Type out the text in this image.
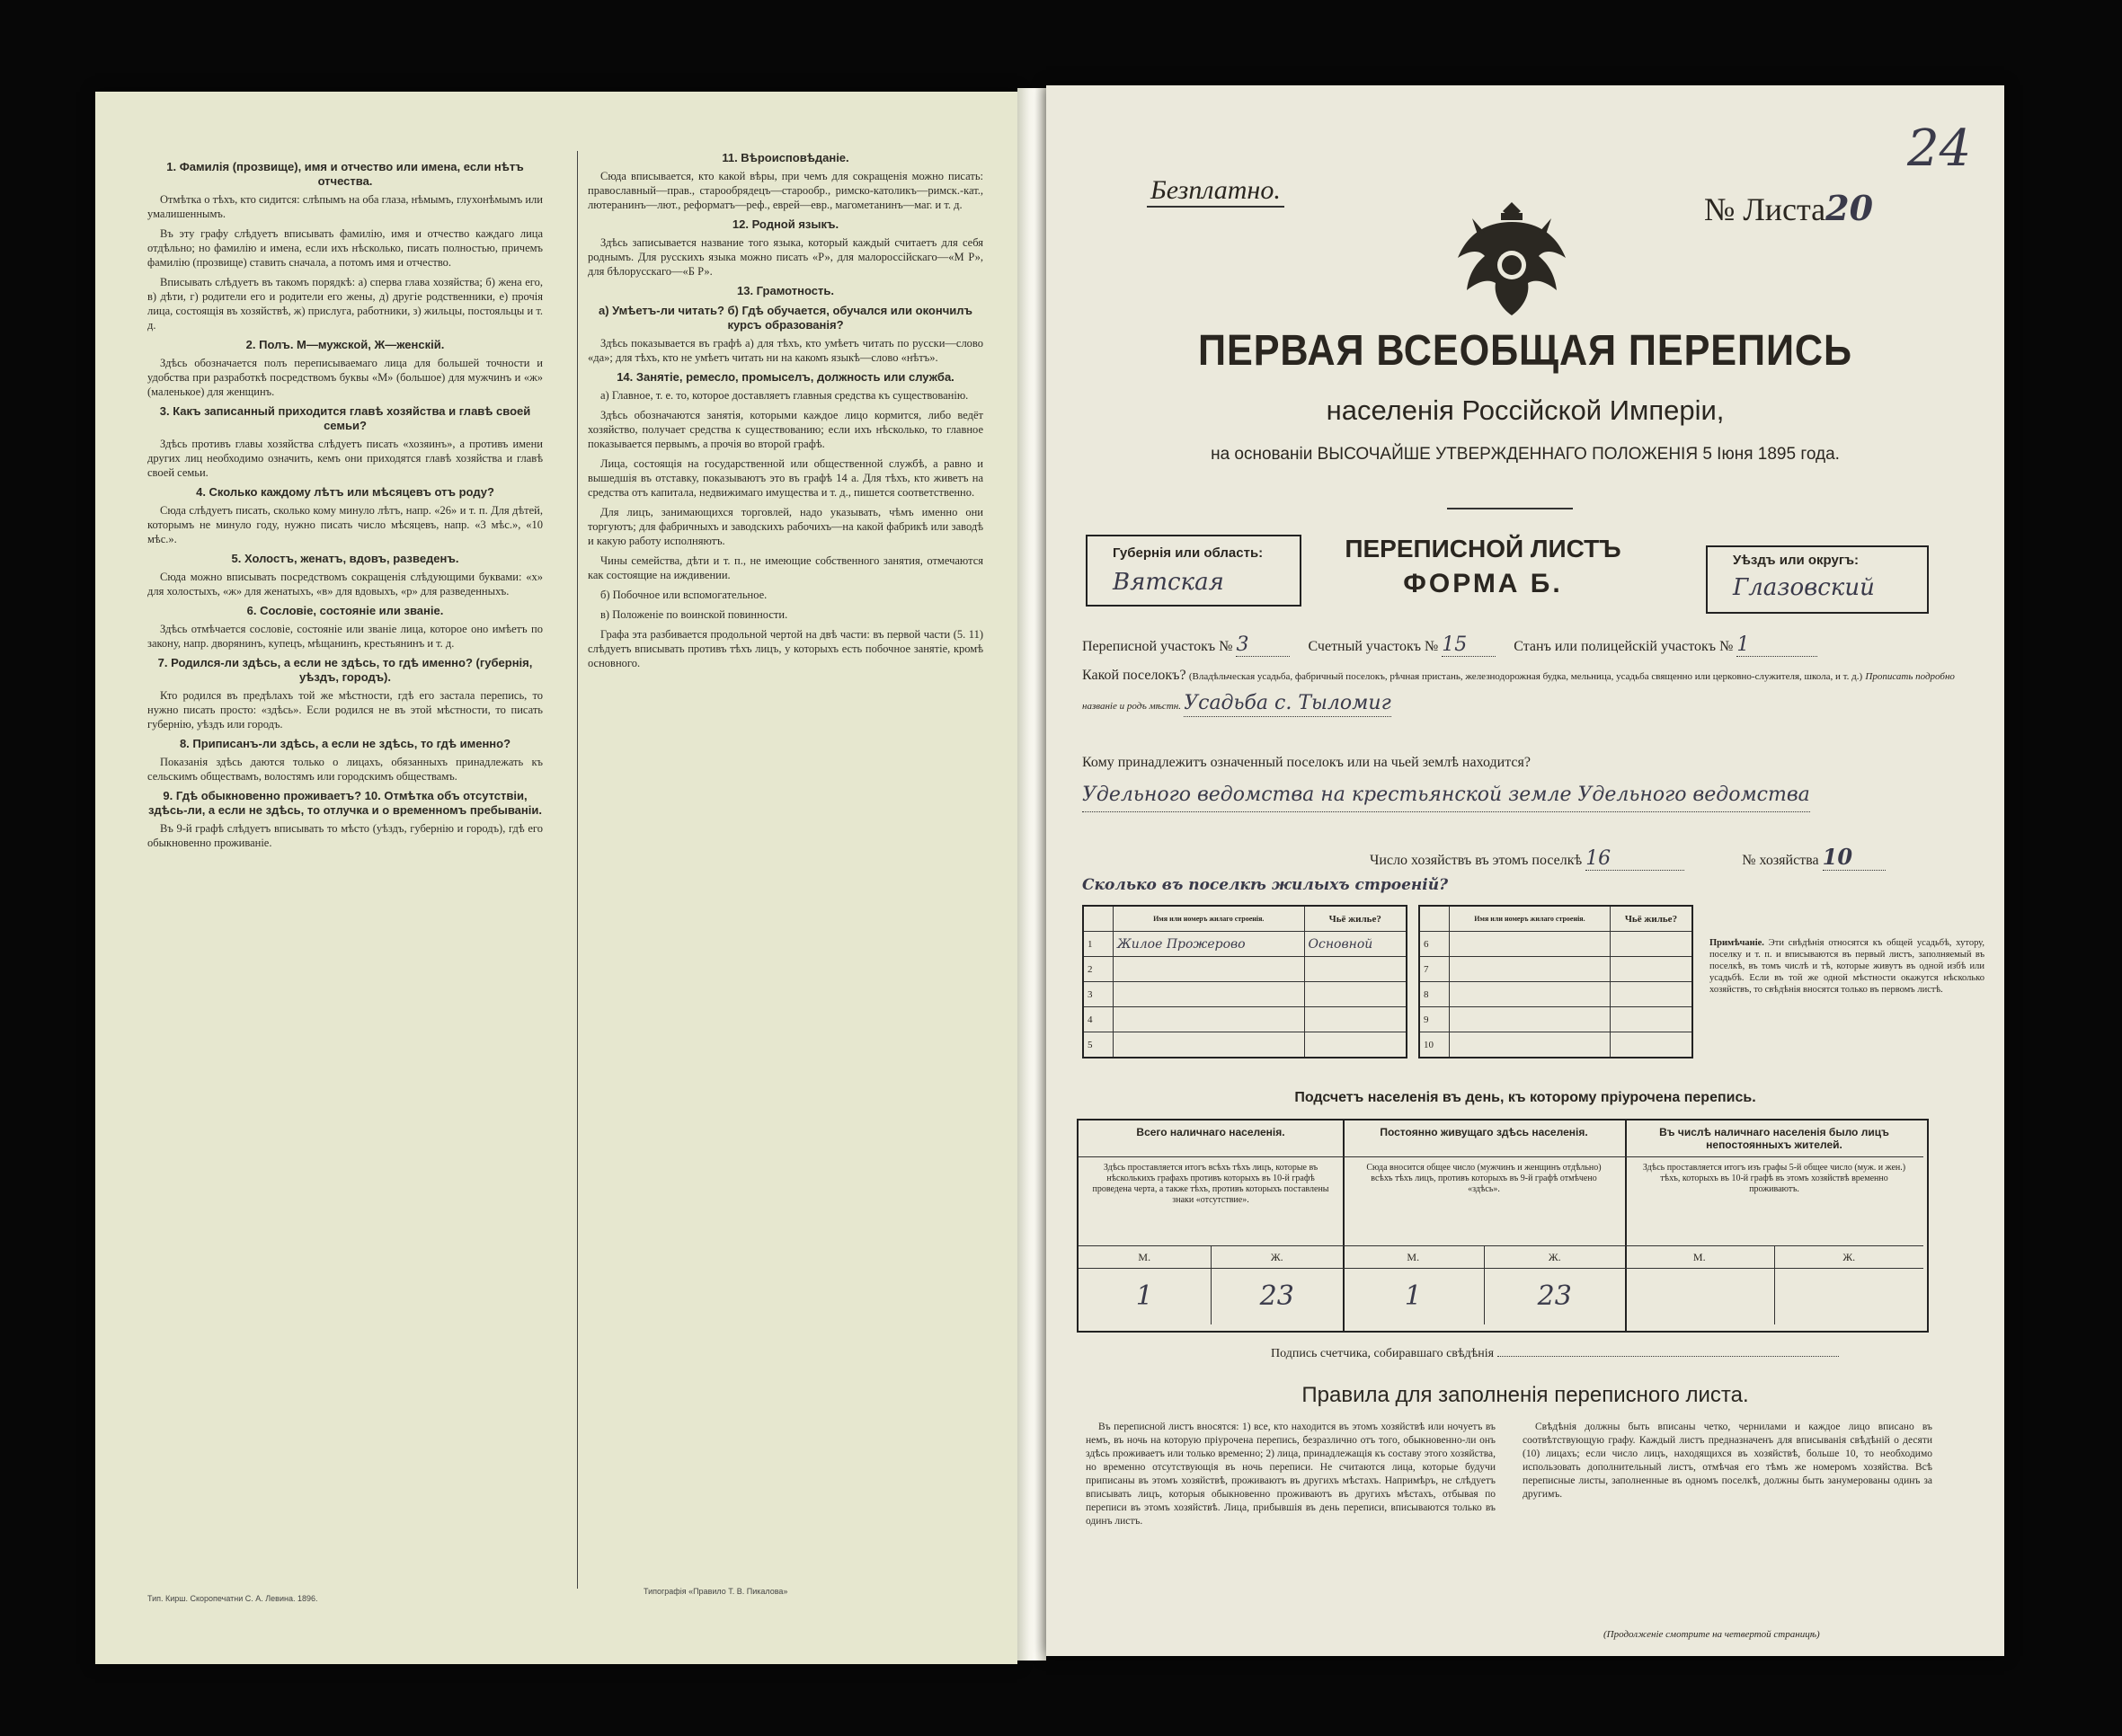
1. Фамилія (прозвище), имя и отчество или имена, если нѣтъ отчества.

Отмѣтка о тѣхъ, кто сидится: слѣпымъ на оба глаза, нѣмымъ, глухонѣмымъ или умалишеннымъ.

Въ эту графу слѣдуетъ вписывать фамилію, имя и отчество каждаго лица отдѣльно; но фамилію и имена, если ихъ нѣсколько, писать полностью, причемъ фамилію (прозвище) ставить сначала, а потомъ имя и отчество.

Вписывать слѣдуетъ въ такомъ порядкѣ: а) сперва глава хозяйства; б) жена его, в) дѣти, г) родители его и родители его жены, д) другіе родственники, е) прочія лица, состоящія въ хозяйствѣ, ж) прислуга, работники, з) жильцы, постояльцы и т. д.

2. Полъ. М—мужской, Ж—женскій.

Здѣсь обозначается полъ переписываемаго лица для большей точности и удобства при разработкѣ посредствомъ буквы «М» (большое) для мужчинъ и «ж» (маленькое) для женщинъ.

3. Какъ записанный приходится главѣ хозяйства и главѣ своей семьи?

Здѣсь противъ главы хозяйства слѣдуетъ писать «хозяинъ», а противъ имени других лиц необходимо означить, кемъ они приходятся главѣ хозяйства и главѣ своей семьи.

4. Сколько каждому лѣтъ или мѣсяцевъ отъ роду?

Сюда слѣдуетъ писать, сколько кому минуло лѣтъ, напр. «26» и т. п. Для дѣтей, которымъ не минуло году, нужно писать число мѣсяцевъ, напр. «3 мѣс.», «10 мѣс.».

5. Холостъ, женатъ, вдовъ, разведенъ.

Сюда можно вписывать посредствомъ сокращенія слѣдующими буквами: «х» для холостыхъ, «ж» для женатыхъ, «в» для вдовыхъ, «р» для разведенныхъ.

6. Сословіе, состояніе или званіе.

Здѣсь отмѣчается сословіе, состояніе или званіе лица, которое оно имѣетъ по закону, напр. дворянинъ, купецъ, мѣщанинъ, крестьянинъ и т. д.

7. Родился-ли здѣсь, а если не здѣсь, то гдѣ именно? (губернія, уѣздъ, городъ).

Кто родился въ предѣлахъ той же мѣстности, гдѣ его застала перепись, то нужно писать просто: «здѣсь». Если родился не въ этой мѣстности, то писать губернію, уѣздъ или городъ.

8. Приписанъ-ли здѣсь, а если не здѣсь, то гдѣ именно?

Показанія здѣсь даются только о лицахъ, обязанныхъ принадлежать къ сельскимъ обществамъ, волостямъ или городскимъ обществамъ.

9. Гдѣ обыкновенно проживаетъ? 10. Отмѣтка объ отсутствіи, здѣсь-ли, а если не здѣсь, то отлучка и о временномъ пребываніи.

Въ 9-й графѣ слѣдуетъ вписывать то мѣсто (уѣздъ, губернію и городъ), гдѣ его обыкновенно проживаніе.

11. Вѣроисповѣданіе.

Сюда вписывается, кто какой вѣры, при чемъ для сокращенія можно писать: православный—прав., старообрядецъ—старообр., римско-католикъ—римск.-кат., лютеранинъ—лют., реформатъ—реф., еврей—евр., магометанинъ—маг. и т. д.

12. Родной языкъ.

Здѣсь записывается название того языка, который каждый считаетъ для себя роднымъ. Для русскихъ языка можно писать «Р», для малороссійскаго—«М Р», для бѣлорусскаго—«Б Р».

13. Грамотность.
а) Умѣетъ-ли читать? б) Гдѣ обучается, обучался или окончилъ курсъ образованія?

Здѣсь показывается въ графѣ а) для тѣхъ, кто умѣетъ читать по русски—слово «да»; для тѣхъ, кто не умѣетъ читать ни на какомъ языкѣ—слово «нѣтъ».

14. Занятіе, ремесло, промыселъ, должность или служба.

а) Главное, т. е. то, которое доставляетъ главныя средства къ существованію.

Здѣсь обозначаются занятія, которыми каждое лицо кормится, либо ведёт хозяйство, получает средства к существованию; если ихъ нѣсколько, то главное показывается первымъ, а прочія во второй графѣ.

Лица, состоящія на государственной или общественной службѣ, а равно и вышедшія въ отставку, показываютъ это въ графѣ 14 а. Для тѣхъ, кто живетъ на средства отъ капитала, недвижимаго имущества и т. д., пишется соответственно.

Для лицъ, занимающихся торговлей, надо указывать, чѣмъ именно они торгуютъ; для фабричныхъ и заводскихъ рабочихъ—на какой фабрикѣ или заводѣ и какую работу исполняютъ.

Чины семейства, дѣти и т. п., не имеющие собственного занятия, отмечаются как состоящие на иждивении.

б) Побочное или вспомогательное.

в) Положеніе по воинской повинности.

Графа эта разбивается продольной чертой на двѣ части: въ первой части (5. 11) слѣдуетъ вписывать противъ тѣхъ лицъ, у которыхъ есть побочное занятіе, кромѣ основного.

Тип. Кирш. Скоропечатни С. А. Левина. 1896.
Типографія «Правило Т. В. Пикалова»
Безплатно.
№ Листа20
24
ПЕРВАЯ ВСЕОБЩАЯ ПЕРЕПИСЬ
населенія Россійской Имперіи,
на основаніи ВЫСОЧАЙШЕ УТВЕРЖДЕННАГО ПОЛОЖЕНІЯ 5 Іюня 1895 года.
Губернія или область:
Вятская
ПЕРЕПИСНОЙ ЛИСТЪ
ФОРМА Б.
Уѣздъ или округъ:
Глазовский
Переписной участокъ № 3	Счетный участокъ № 15	Станъ или полицейскій участокъ № 1
Какой поселокъ? (Владѣльческая усадьба, фабричный поселокъ, рѣчная пристань, железнодорожная будка, мельница, усадьба священно или церковно-служителя, школа, и т. д.) Прописать подробно названіе и родъ мѣстн. Усадьба с. Тыломиг
Кому принадлежитъ означенный поселокъ или на чьей землѣ находится? Удельного ведомства на крестьянской земле Удельного ведомства
Число хозяйствъ въ этомъ поселкѣ 16	№ хозяйства 10
Сколько въ поселкѣ жилыхъ строеній?
	Имя или номеръ жилаго строенія.	Чьё жилье?
1	Жилое Прожерово	Основной
2		
3		
4		
5		
	Имя или номеръ жилаго строенія.	Чьё жилье?
6		
7		
8		
9		
10		
Примѣчаніе. Эти свѣдѣнія относятся къ общей усадьбѣ, хутору, поселку и т. п. и вписываются въ первый листъ, заполняемый въ поселкѣ, въ томъ числѣ и тѣ, которые живутъ въ одной избѣ или усадьбѣ. Если въ той же одной мѣстности окажутся нѣсколько хозяйствъ, то свѣдѣнія вносятся только въ первомъ листѣ.
Подсчетъ населенія въ день, къ которому пріурочена перепись.
Всего наличнаго населенія.
Здѣсь проставляется итогъ всѣхъ тѣхъ лицъ, которые въ нѣсколькихъ графахъ противъ которыхъ въ 10-й графѣ проведена черта, а также тѣхъ, противъ которыхъ поставлены знаки «отсутствие».
М.	Ж.
1	23
Постоянно живущаго здѣсь населенія.
Сюда вносится общее число (мужчинъ и женщинъ отдѣльно) всѣхъ тѣхъ лицъ, противъ которыхъ въ 9-й графѣ отмѣчено «здѣсь».
М.	Ж.
1	23
Въ числѣ наличнаго населенія было лицъ непостоянныхъ жителей.
Здѣсь проставляется итогъ изъ графы 5-й общее число (муж. и жен.) тѣхъ, которыхъ въ 10-й графѣ въ этомъ хозяйствѣ временно проживаютъ.
М.	Ж.
Подпись счетчика, собиравшаго свѣдѣнія
Правила для заполненія переписного листа.

Въ переписной листъ вносятся: 1) все, кто находится въ этомъ хозяйствѣ или ночуетъ въ немъ, въ ночь на которую пріурочена перепись, безразлично отъ того, обыкновенно-ли онъ здѣсь проживаетъ или только временно; 2) лица, принадлежащія къ составу этого хозяйства, но временно отсутствующія въ ночь переписи. Не считаются лица, которые будучи приписаны въ этомъ хозяйствѣ, проживаютъ въ другихъ мѣстахъ. Напримѣръ, не слѣдуетъ вписывать лицъ, которыя обыкновенно проживаютъ въ другихъ мѣстахъ, отбывая по переписи въ этомъ хозяйствѣ. Лица, прибывшія въ день переписи, вписываются только въ одинъ листъ.

Свѣдѣнія должны быть вписаны четко, чернилами и каждое лицо вписано въ соотвѣтствующую графу. Каждый листъ предназначенъ для вписыванія свѣдѣній о десяти (10) лицахъ; если число лицъ, находящихся въ хозяйствѣ, больше 10, то необходимо использовать дополнительный листъ, отмѣчая его тѣмъ же номеромъ хозяйства. Всѣ переписные листы, заполненные въ одномъ поселкѣ, должны быть занумерованы одинъ за другимъ.

(Продолженіе смотрите на четвертой страницѣ)
